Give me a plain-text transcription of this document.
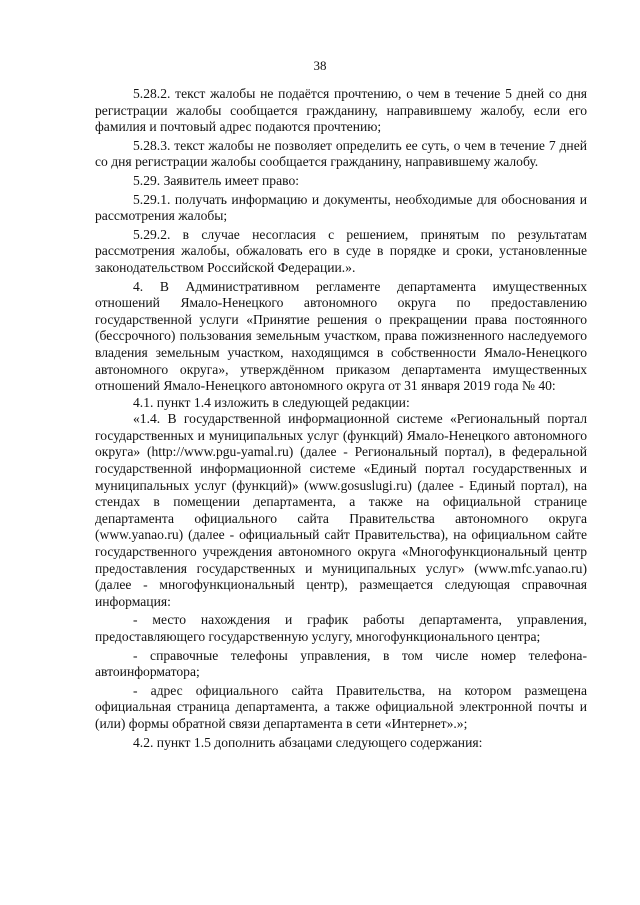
38

5.28.2. текст жалобы не подаётся прочтению, о чем в течение 5 дней со дня регистрации жалобы сообщается гражданину, направившему жалобу, если его фамилия и почтовый адрес подаются прочтению;

5.28.3. текст жалобы не позволяет определить ее суть, о чем в течение 7 дней со дня регистрации жалобы сообщается гражданину, направившему жалобу.

5.29. Заявитель имеет право:

5.29.1. получать информацию и документы, необходимые для обоснования и рассмотрения жалобы;

5.29.2. в случае несогласия с решением, принятым по результатам рассмотрения жалобы, обжаловать его в суде в порядке и сроки, установленные законодательством Российской Федерации.».

4. В Административном регламенте департамента имущественных отношений Ямало-Ненецкого автономного округа по предоставлению государственной услуги «Принятие решения о прекращении права постоянного (бессрочного) пользования земельным участком, права пожизненного наследуемого владения земельным участком, находящимся в собственности Ямало-Ненецкого автономного округа», утверждённом приказом департамента имущественных отношений Ямало-Ненецкого автономного округа от 31 января 2019 года № 40:

4.1. пункт 1.4 изложить в следующей редакции:

«1.4. В государственной информационной системе «Региональный портал государственных и муниципальных услуг (функций) Ямало-Ненецкого автономного округа» (http://www.pgu-yamal.ru) (далее - Региональный портал), в федеральной государственной информационной системе «Единый портал государственных и муниципальных услуг (функций)» (www.gosuslugi.ru) (далее - Единый портал), на стендах в помещении департамента, а также на официальной странице департамента официального сайта Правительства автономного округа (www.yanao.ru) (далее - официальный сайт Правительства), на официальном сайте государственного учреждения автономного округа «Многофункциональный центр предоставления государственных и муниципальных услуг» (www.mfc.yanao.ru) (далее - многофункциональный центр), размещается следующая справочная информация:

- место нахождения и график работы департамента, управления, предоставляющего государственную услугу, многофункционального центра;

- справочные телефоны управления, в том числе номер телефона-автоинформатора;

- адрес официального сайта Правительства, на котором размещена официальная страница департамента, а также официальной электронной почты и (или) формы обратной связи департамента в сети «Интернет».»;

4.2. пункт 1.5 дополнить абзацами следующего содержания:
